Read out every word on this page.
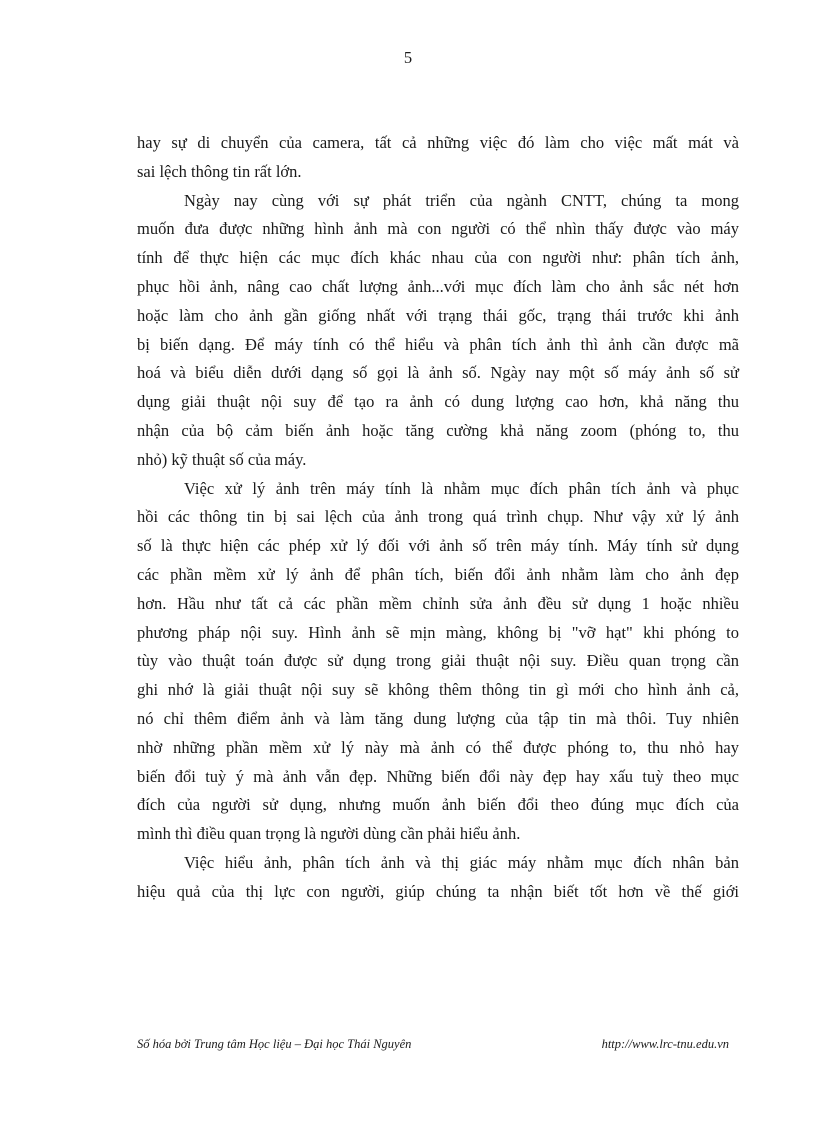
5
hay sự di chuyển của camera, tất cả những việc đó làm cho việc mất mát và
sai lệch thông tin rất lớn.
Ngày nay cùng với sự phát triển của ngành CNTT, chúng ta mong
muốn đưa được những hình ảnh mà con người có thể nhìn thấy được vào máy
tính để thực hiện các mục đích khác nhau của con người như: phân tích ảnh,
phục hồi ảnh, nâng cao chất lượng ảnh...với mục đích làm cho ảnh sắc nét hơn
hoặc làm cho ảnh gần giống nhất với trạng thái gốc, trạng thái trước khi ảnh
bị biến dạng. Để máy tính có thể hiểu và phân tích ảnh thì ảnh cần được mã
hoá và biểu diễn dưới dạng số gọi là ảnh số. Ngày nay một số máy ảnh số sử
dụng giải thuật nội suy để tạo ra ảnh có dung lượng cao hơn, khả năng thu
nhận của bộ cảm biến ảnh hoặc tăng cường khả năng zoom (phóng to, thu
nhỏ) kỹ thuật số của máy.
Việc xử lý ảnh trên máy tính là nhằm mục đích phân tích ảnh và phục
hồi các thông tin bị sai lệch của ảnh trong quá trình chụp. Như vậy xử lý ảnh
số là thực hiện các phép xử lý đối với ảnh số trên máy tính. Máy tính sử dụng
các phần mềm xử lý ảnh để phân tích, biến đổi ảnh nhằm làm cho ảnh đẹp
hơn. Hầu như tất cả các phần mềm chỉnh sửa ảnh đều sử dụng 1 hoặc nhiều
phương pháp nội suy. Hình ảnh sẽ mịn màng, không bị "vỡ hạt" khi phóng to
tùy vào thuật toán được sử dụng trong giải thuật nội suy. Điều quan trọng cần
ghi nhớ là giải thuật nội suy sẽ không thêm thông tin gì mới cho hình ảnh cả,
nó chỉ thêm điểm ảnh và làm tăng dung lượng của tập tin mà thôi. Tuy nhiên
nhờ những phần mềm xử lý này mà ảnh có thể được phóng to, thu nhỏ hay
biến đổi tuỳ ý mà ảnh vẫn đẹp. Những biến đổi này đẹp hay xấu tuỳ theo mục
đích của người sử dụng, nhưng muốn ảnh biến đổi theo đúng mục đích của
mình thì điều quan trọng là người dùng cần phải hiểu ảnh.
Việc hiểu ảnh, phân tích ảnh và thị giác máy nhằm mục đích nhân bản
hiệu quả của thị lực con người, giúp chúng ta nhận biết tốt hơn về thế giới
Số hóa bởi Trung tâm Học liệu – Đại học Thái Nguyên	http://www.lrc-tnu.edu.vn
